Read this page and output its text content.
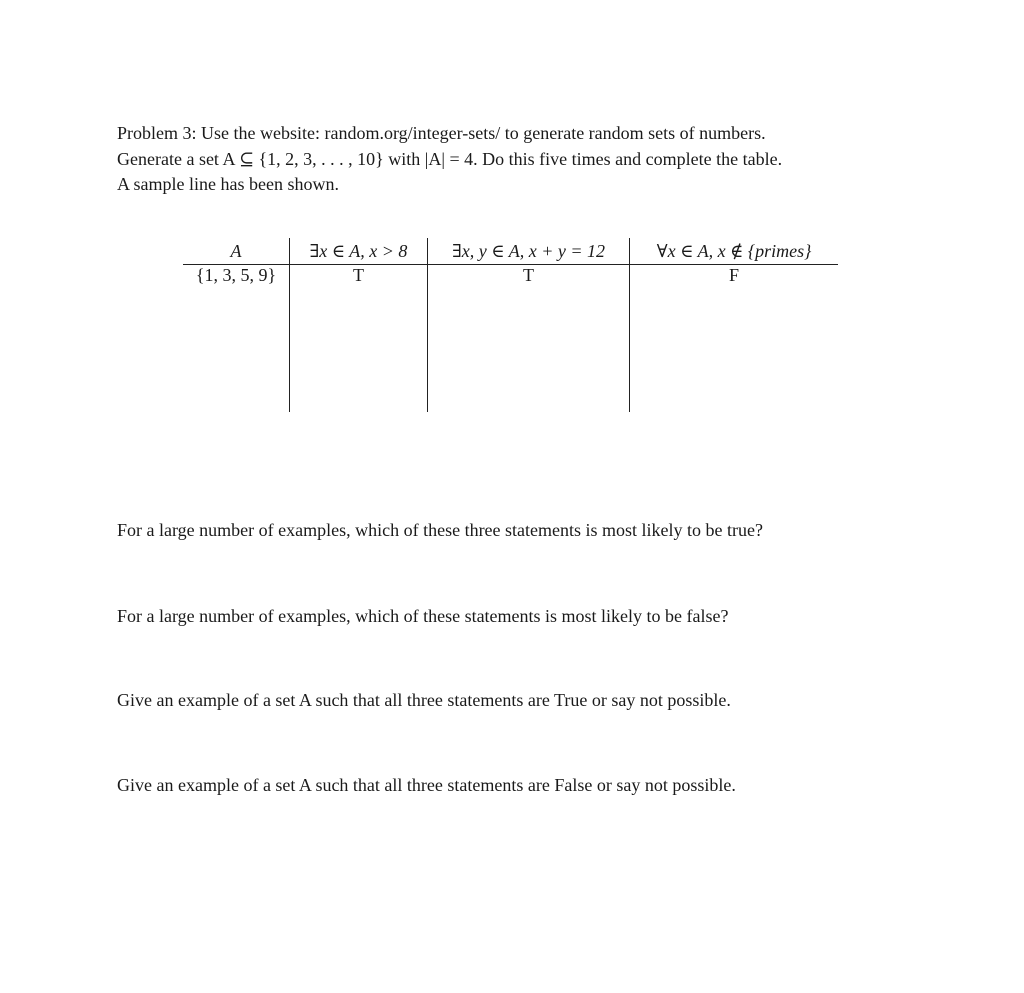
Problem 3: Use the website: random.org/integer-sets/ to generate random sets of numbers.

Generate a set A ⊆ {1, 2, 3, . . . , 10} with |A| = 4. Do this five times and complete the table.

A sample line has been shown.

A	∃x ∈ A, x > 8	∃x, y ∈ A, x + y = 12	∀x ∈ A, x ∉ {primes}
{1, 3, 5, 9}	T	T	F

For a large number of examples, which of these three statements is most likely to be true?

For a large number of examples, which of these statements is most likely to be false?

Give an example of a set A such that all three statements are True or say not possible.

Give an example of a set A such that all three statements are False or say not possible.
